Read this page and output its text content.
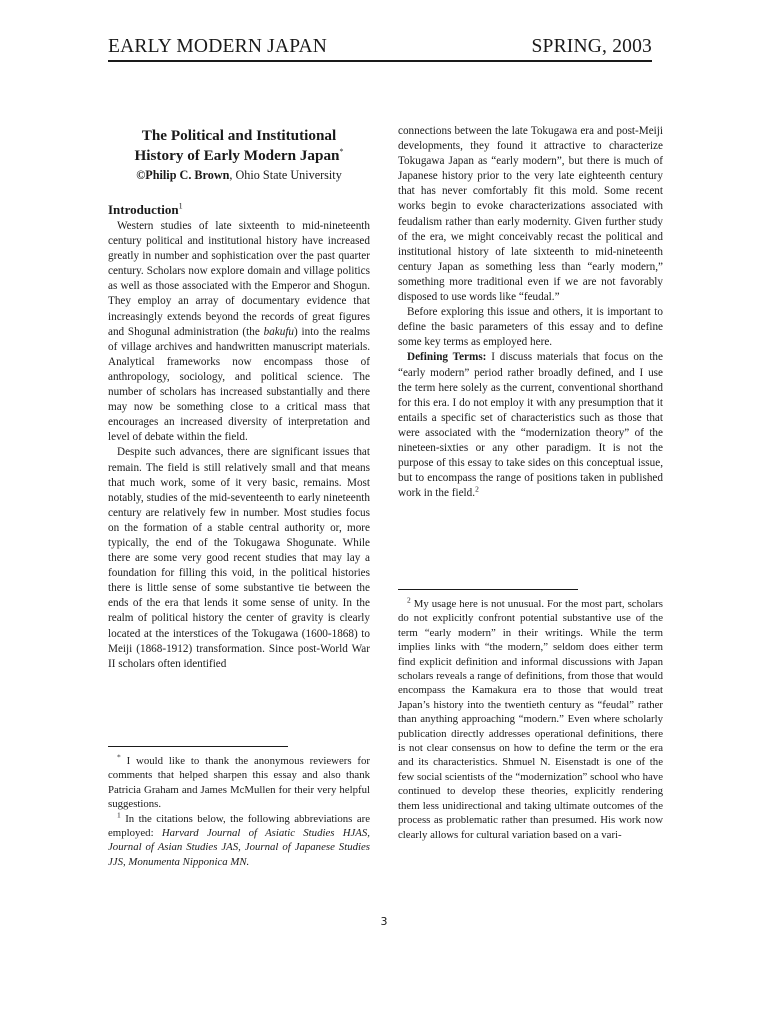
EARLY MODERN JAPAN	SPRING, 2003
The Political and Institutional
History of Early Modern Japan*
©Philip C. Brown, Ohio State University
Introduction$^1$

Western studies of late sixteenth to mid-nineteenth century political and institutional history have increased greatly in number and sophistication over the past quarter century. Scholars now explore domain and village politics as well as those associated with the Emperor and Shogun. They employ an array of documentary evidence that increasingly extends beyond the records of great figures and Shogunal administration (the bakufu) into the realms of village archives and handwritten manuscript materials. Analytical frameworks now encompass those of anthropology, sociology, and political science. The number of scholars has increased substantially and there may now be something close to a critical mass that encourages an increased diversity of interpretation and level of debate within the field.

Despite such advances, there are significant issues that remain. The field is still relatively small and that means that much work, some of it very basic, remains. Most notably, studies of the mid-seventeenth to early nineteenth century are relatively few in number. Most studies focus on the formation of a stable central authority or, more typically, the end of the Tokugawa Shogunate. While there are some very good recent studies that may lay a foundation for filling this void, in the political histories there is little sense of some substantive tie between the ends of the era that lends it some sense of unity. In the realm of political history the center of gravity is clearly located at the interstices of the Tokugawa (1600-1868) to Meiji (1868-1912) transformation. Since post-World War II scholars often identified

* I would like to thank the anonymous reviewers for comments that helped sharpen this essay and also thank Patricia Graham and James McMullen for their very helpful suggestions.

$^1$ In the citations below, the following abbreviations are employed: Harvard Journal of Asiatic Studies HJAS, Journal of Asian Studies JAS, Journal of Japanese Studies JJS, Monumenta Nipponica MN.

connections between the late Tokugawa era and post-Meiji developments, they found it attractive to characterize Tokugawa Japan as “early modern”, but there is much of Japanese history prior to the very late eighteenth century that has never comfortably fit this mold. Some recent works begin to evoke characterizations associated with feudalism rather than early modernity. Given further study of the era, we might conceivably recast the political and institutional history of late sixteenth to mid-nineteenth century Japan as something less than “early modern,” something more traditional even if we are not favorably disposed to use words like “feudal.”

Before exploring this issue and others, it is important to define the basic parameters of this essay and to define some key terms as employed here.

Defining Terms: I discuss materials that focus on the “early modern” period rather broadly defined, and I use the term here solely as the current, conventional shorthand for this era. I do not employ it with any presumption that it entails a specific set of characteristics such as those that were associated with the “modernization theory” of the nineteen-sixties or any other paradigm. It is not the purpose of this essay to take sides on this conceptual issue, but to encompass the range of positions taken in published work in the field.$^2$

$^2$ My usage here is not unusual. For the most part, scholars do not explicitly confront potential substantive use of the term “early modern” in their writings. While the term implies links with “the modern,” seldom does either term find explicit definition and informal discussions with Japan scholars reveals a range of definitions, from those that would encompass the Kamakura era to those that would treat Japan’s history into the twentieth century as “feudal” rather than anything approaching “modern.” Even where scholarly publication directly addresses operational definitions, there is not clear consensus on how to define the term or the era and its characteristics. Shmuel N. Eisenstadt is one of the few social scientists of the “modernization” school who have continued to develop these theories, explicitly rendering them less unidirectional and taking ultimate outcomes of the process as problematic rather than presumed. His work now clearly allows for cultural variation based on a vari-

3
